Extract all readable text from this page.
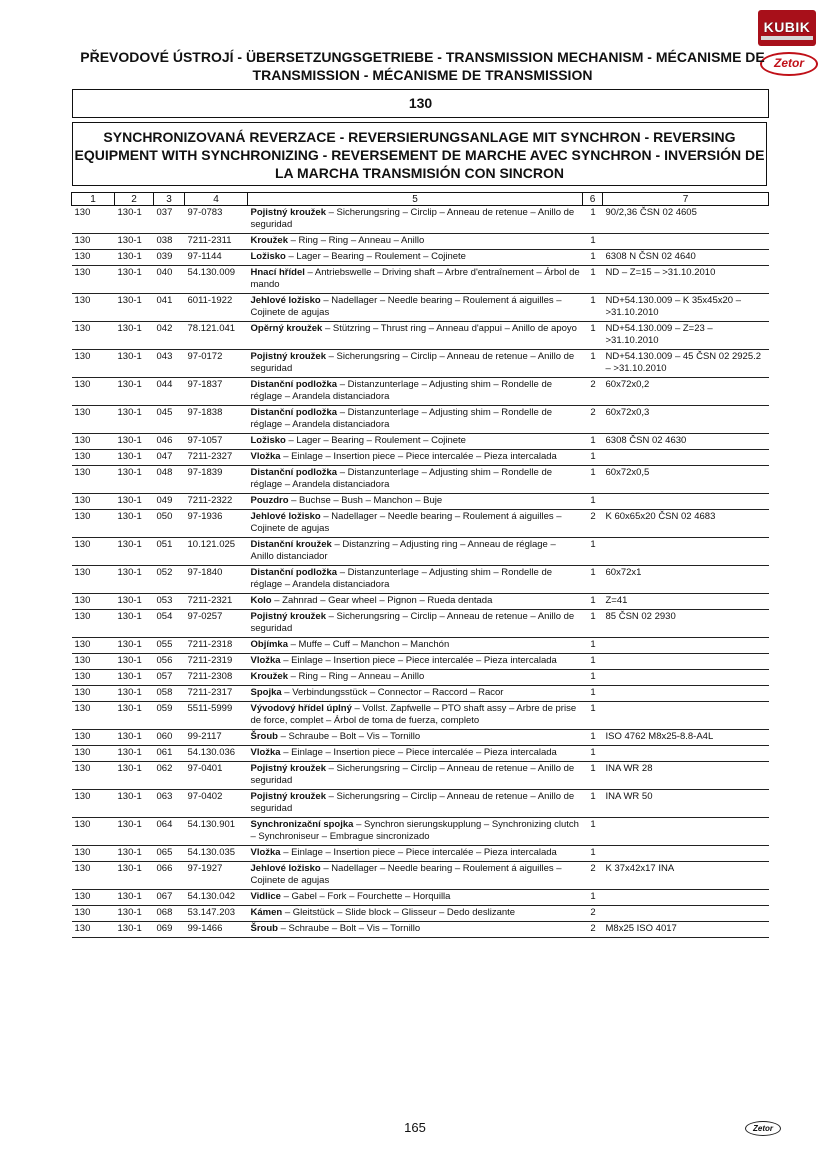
KUBIK
Zetor
PŘEVODOVÉ ÚSTROJÍ - ÜBERSETZUNGSGETRIEBE - TRANSMISSION MECHANISM - MÉCANISME DE
TRANSMISSION - MÉCANISME DE TRANSMISSION
130
SYNCHRONIZOVANÁ REVERZACE - REVERSIERUNGSANLAGE MIT SYNCHRON - REVERSING
EQUIPMENT WITH SYNCHRONIZING - REVERSEMENT DE MARCHE AVEC SYNCHRON - INVERSIÓN DE
LA MARCHA TRANSMISIÓN CON SINCRON
1	2	3	4	5	6	7
130	130-1	037	97-0783	Pojistný kroužek – Sicherungsring – Circlip – Anneau de retenue – Anillo de seguridad	1	90/2,36 ČSN 02 4605
130	130-1	038	7211-2311	Kroužek – Ring – Ring – Anneau – Anillo	1	
130	130-1	039	97-1144	Ložisko – Lager – Bearing – Roulement – Cojinete	1	6308 N ČSN 02 4640
130	130-1	040	54.130.009	Hnací hřídel – Antriebswelle – Driving shaft – Arbre d'entraînement – Árbol de mando	1	ND – Z=15 – >31.10.2010
130	130-1	041	6011-1922	Jehlové ložisko – Nadellager – Needle bearing – Roulement á aiguilles – Cojinete de agujas	1	ND+54.130.009 – K 35x45x20 – >31.10.2010
130	130-1	042	78.121.041	Opěrný kroužek – Stützring – Thrust ring – Anneau d'appui – Anillo de apoyo	1	ND+54.130.009 – Z=23 – >31.10.2010
130	130-1	043	97-0172	Pojistný kroužek – Sicherungsring – Circlip – Anneau de retenue – Anillo de seguridad	1	ND+54.130.009 – 45 ČSN 02 2925.2 – >31.10.2010
130	130-1	044	97-1837	Distanční podložka – Distanzunterlage – Adjusting shim – Rondelle de réglage – Arandela distanciadora	2	60x72x0,2
130	130-1	045	97-1838	Distanční podložka – Distanzunterlage – Adjusting shim – Rondelle de réglage – Arandela distanciadora	2	60x72x0,3
130	130-1	046	97-1057	Ložisko – Lager – Bearing – Roulement – Cojinete	1	6308 ČSN 02 4630
130	130-1	047	7211-2327	Vložka – Einlage – Insertion piece – Piece intercalée – Pieza intercalada	1	
130	130-1	048	97-1839	Distanční podložka – Distanzunterlage – Adjusting shim – Rondelle de réglage – Arandela distanciadora	1	60x72x0,5
130	130-1	049	7211-2322	Pouzdro – Buchse – Bush – Manchon – Buje	1	
130	130-1	050	97-1936	Jehlové ložisko – Nadellager – Needle bearing – Roulement á aiguilles – Cojinete de agujas	2	K 60x65x20 ČSN 02 4683
130	130-1	051	10.121.025	Distanční kroužek – Distanzring – Adjusting ring – Anneau de réglage – Anillo distanciador	1	
130	130-1	052	97-1840	Distanční podložka – Distanzunterlage – Adjusting shim – Rondelle de réglage – Arandela distanciadora	1	60x72x1
130	130-1	053	7211-2321	Kolo – Zahnrad – Gear wheel – Pignon – Rueda dentada	1	Z=41
130	130-1	054	97-0257	Pojistný kroužek – Sicherungsring – Circlip – Anneau de retenue – Anillo de seguridad	1	85 ČSN 02 2930
130	130-1	055	7211-2318	Objímka – Muffe – Cuff – Manchon – Manchón	1	
130	130-1	056	7211-2319	Vložka – Einlage – Insertion piece – Piece intercalée – Pieza intercalada	1	
130	130-1	057	7211-2308	Kroužek – Ring – Ring – Anneau – Anillo	1	
130	130-1	058	7211-2317	Spojka – Verbindungsstück – Connector – Raccord – Racor	1	
130	130-1	059	5511-5999	Vývodový hřídel úplný – Vollst. Zapfwelle – PTO shaft assy – Arbre de prise de force, complet – Árbol de toma de fuerza, completo	1	
130	130-1	060	99-2117	Šroub – Schraube – Bolt – Vis – Tornillo	1	ISO 4762 M8x25-8.8-A4L
130	130-1	061	54.130.036	Vložka – Einlage – Insertion piece – Piece intercalée – Pieza intercalada	1	
130	130-1	062	97-0401	Pojistný kroužek – Sicherungsring – Circlip – Anneau de retenue – Anillo de seguridad	1	INA WR 28
130	130-1	063	97-0402	Pojistný kroužek – Sicherungsring – Circlip – Anneau de retenue – Anillo de seguridad	1	INA WR 50
130	130-1	064	54.130.901	Synchronizační spojka – Synchron sierungskupplung – Synchronizing clutch – Synchroniseur – Embrague sincronizado	1	
130	130-1	065	54.130.035	Vložka – Einlage – Insertion piece – Piece intercalée – Pieza intercalada	1	
130	130-1	066	97-1927	Jehlové ložisko – Nadellager – Needle bearing – Roulement á aiguilles – Cojinete de agujas	2	K 37x42x17 INA
130	130-1	067	54.130.042	Vidlice – Gabel – Fork – Fourchette – Horquilla	1	
130	130-1	068	53.147.203	Kámen – Gleitstück – Slide block – Glisseur – Dedo deslizante	2	
130	130-1	069	99-1466	Šroub – Schraube – Bolt – Vis – Tornillo	2	M8x25 ISO 4017
165	Zetor
